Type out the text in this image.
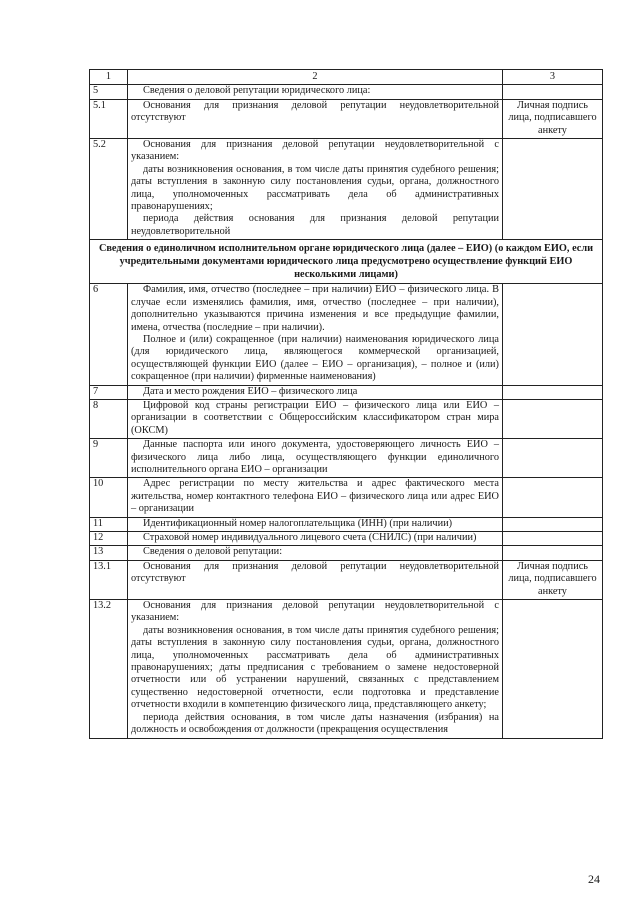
1	2	3
5	Сведения о деловой репутации юридического лица:	

5.1	Основания для признания деловой репутации неудовлетворительной отсутствуют	Личная подпись лица, подписавшего анкету
5.2	Основания для признания деловой репутации неудовлетворительной с указанием:
даты возникновения основания, в том числе даты принятия судебного решения; даты вступления в законную силу постановления судьи, органа, должностного лица, уполномоченных рассматривать дела об административных правонарушениях;
периода действия основания для признания деловой репутации неудовлетворительной	

Сведения о единоличном исполнительном органе юридического лица (далее – ЕИО) (о каждом ЕИО, если учредительными документами юридического лица предусмотрено осуществление функций ЕИО несколькими лицами)		
6	Фамилия, имя, отчество (последнее – при наличии) ЕИО – физического лица. В случае если изменялись фамилия, имя, отчество (последнее – при наличии), дополнительно указываются причина изменения и все предыдущие фамилии, имена, отчества (последние – при наличии).
Полное и (или) сокращенное (при наличии) наименования юридического лица (для юридического лица, являющегося коммерческой организацией, осуществляющей функции ЕИО (далее – ЕИО – организация), – полное и (или) сокращенное (при наличии) фирменные наименования)	

7	Дата и место рождения ЕИО – физического лица	

8	Цифровой код страны регистрации ЕИО – физического лица или ЕИО – организации в соответствии с Общероссийским классификатором стран мира (ОКСМ)	

9	Данные паспорта или иного документа, удостоверяющего личность ЕИО – физического лица либо лица, осуществляющего функции единоличного исполнительного органа ЕИО – организации	

10	Адрес регистрации по месту жительства и адрес фактического места жительства, номер контактного телефона ЕИО – физического лица или адрес ЕИО – организации	

11	Идентификационный номер налогоплательщика (ИНН) (при наличии)	

12	Страховой номер индивидуального лицевого счета (СНИЛС) (при наличии)	

13	Сведения о деловой репутации:	

13.1	Основания для признания деловой репутации неудовлетворительной отсутствуют	Личная подпись лица, подписавшего анкету
13.2	Основания для признания деловой репутации неудовлетворительной с указанием:
даты возникновения основания, в том числе даты принятия судебного решения; даты вступления в законную силу постановления судьи, органа, должностного лица, уполномоченных рассматривать дела об административных правонарушениях; даты предписания с требованием о замене недостоверной отчетности или об устранении нарушений, связанных с представлением существенно недостоверной отчетности, если подготовка и представление отчетности входили в компетенцию физического лица, представляющего анкету;
периода действия основания, в том числе даты назначения (избрания) на должность и освобождения от должности (прекращения осуществления	

24
